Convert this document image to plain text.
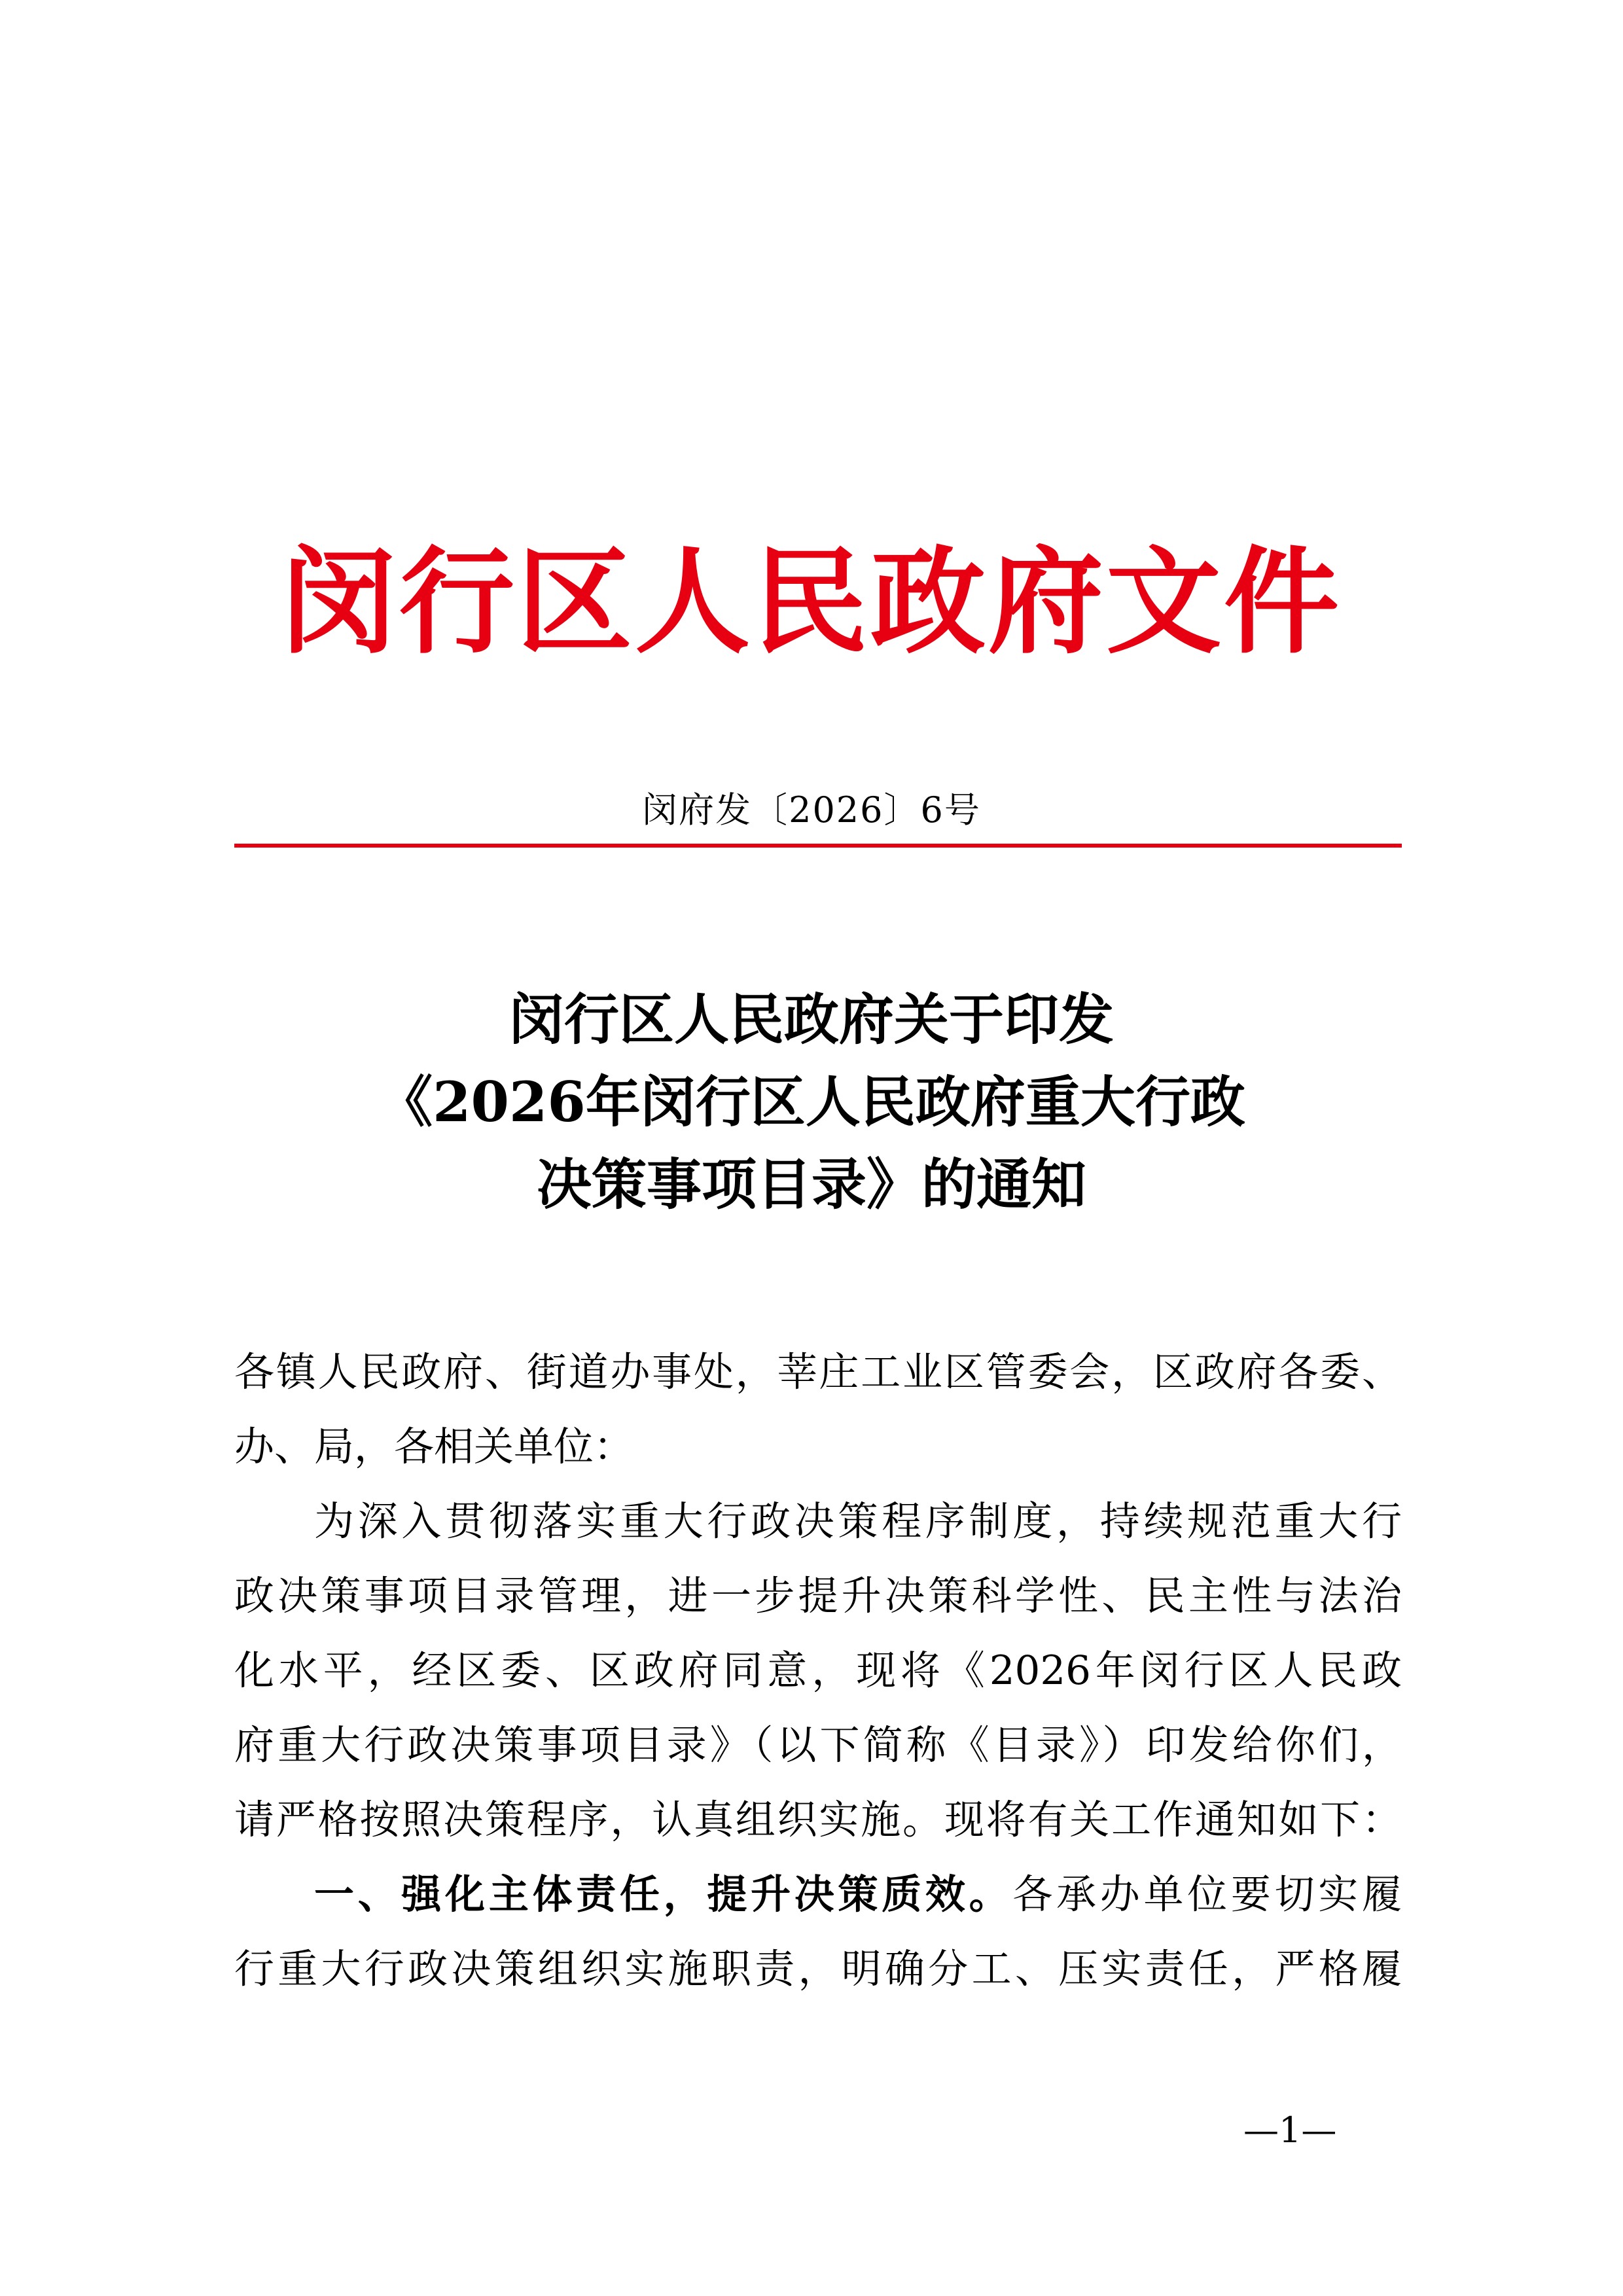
闵行区人民政府文件
闵府发〔2026〕6号
闵行区人民政府关于印发
《2026年闵行区人民政府重大行政
决策事项目录》的通知
各镇人民政府、街道办事处，莘庄工业区管委会，区政府各委、
办、局，各相关单位：
为深入贯彻落实重大行政决策程序制度，持续规范重大行
政决策事项目录管理，进一步提升决策科学性、民主性与法治
化水平，经区委、区政府同意，现将《2026年闵行区人民政
府重大行政决策事项目录》（以下简称《目录》）印发给你们，
请严格按照决策程序，认真组织实施。现将有关工作通知如下：
一、强化主体责任，提升决策质效。各承办单位要切实履
行重大行政决策组织实施职责，明确分工、压实责任，严格履
—1—
